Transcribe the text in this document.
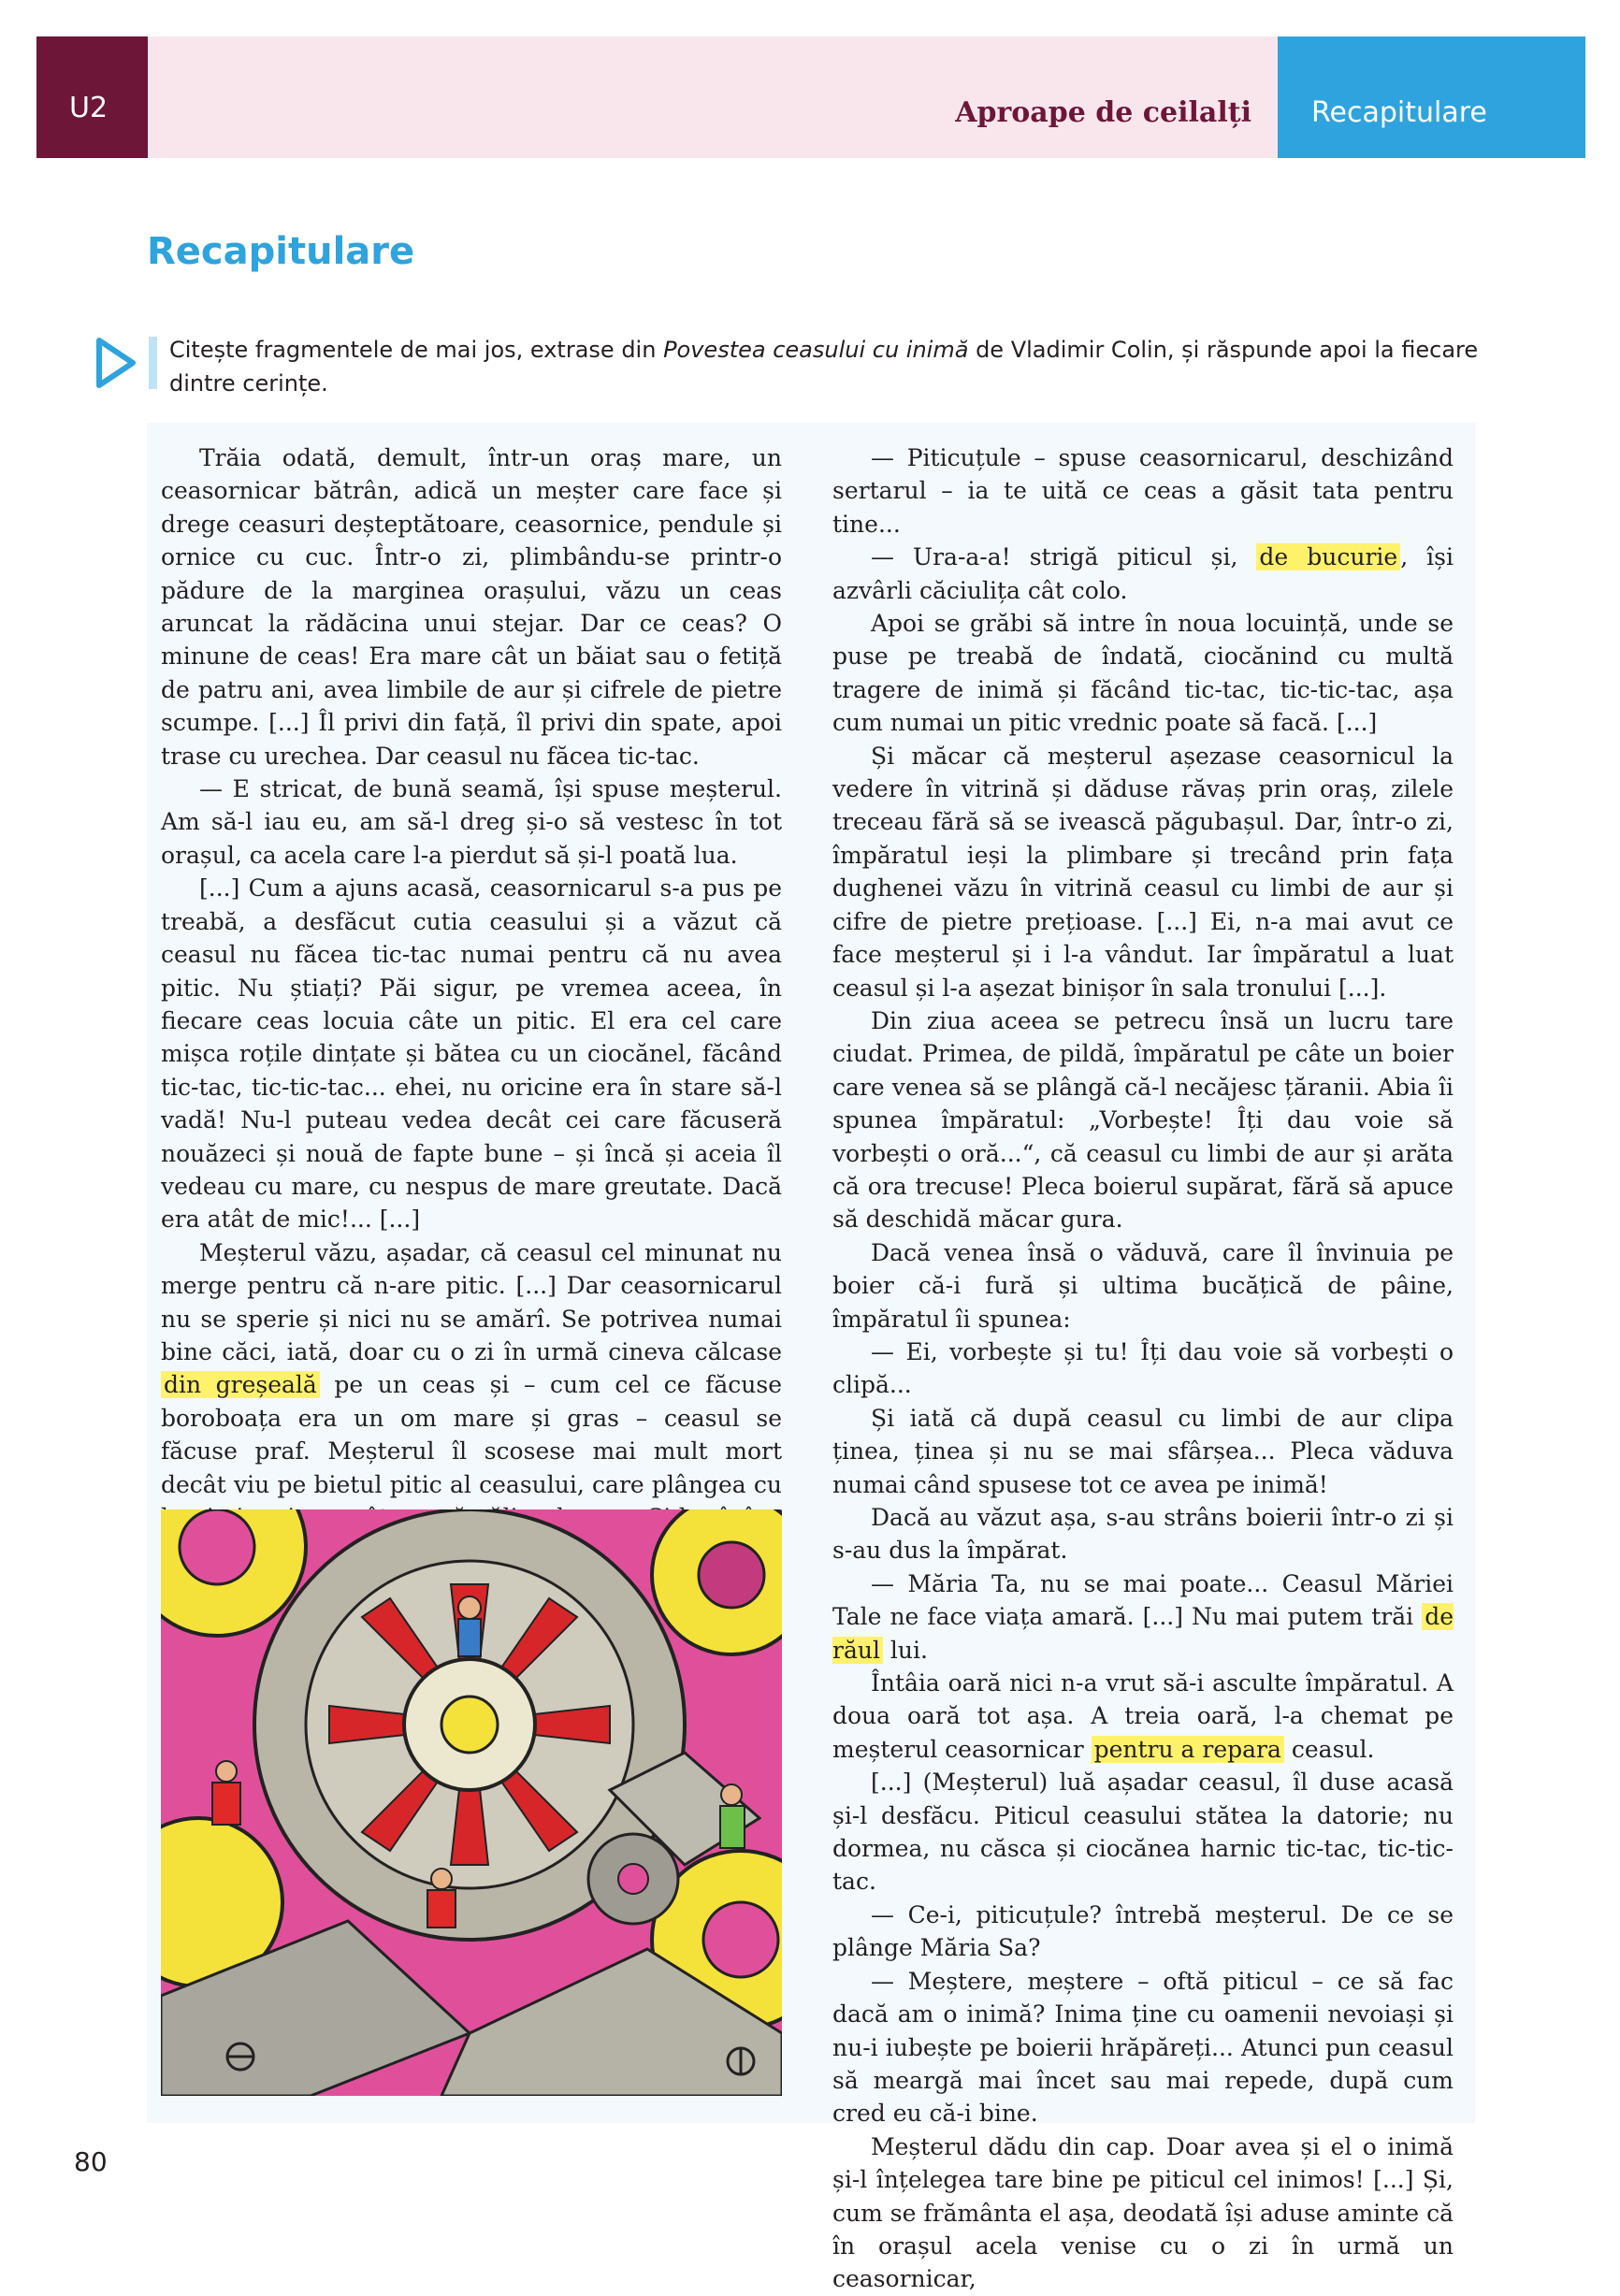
U2	Aproape de ceilalți Recapitulare
Recapitulare
Citește fragmentele de mai jos, extrase din Povestea ceasului cu inimă de Vladimir Colin, și răspunde apoi la fiecare dintre cerințe.

Trăia odată, demult, într-un oraș mare, un ceasornicar bătrân, adică un meșter care face și drege ceasuri deșteptătoare, ceasornice, pendule și ornice cu cuc. Într-o zi, plimbându-se printr-o pădure de la marginea orașului, văzu un ceas aruncat la rădăcina unui stejar. Dar ce ceas? O minune de ceas! Era mare cât un băiat sau o fetiță de patru ani, avea limbile de aur și cifrele de pietre scumpe. [...] Îl privi din față, îl privi din spate, apoi trase cu urechea. Dar ceasul nu făcea tic-tac.

— E stricat, de bună seamă, își spuse meșterul. Am să-l iau eu, am să-l dreg și-o să vestesc în tot orașul, ca acela care l-a pierdut să și-l poată lua.

[...] Cum a ajuns acasă, ceasornicarul s-a pus pe treabă, a desfăcut cutia ceasului și a văzut că ceasul nu făcea tic-tac numai pentru că nu avea pitic. Nu știați? Păi sigur, pe vremea aceea, în fiecare ceas locuia câte un pitic. El era cel care mișca roțile dințate și bătea cu un ciocănel, făcând tic-tac, tic-tic-tac... ehei, nu oricine era în stare să-l vadă! Nu-l puteau vedea decât cei care făcuseră nouăzeci și nouă de fapte bune – și încă și aceia îl vedeau cu mare, cu nespus de mare greutate. Dacă era atât de mic!... [...]

Meșterul văzu, așadar, că ceasul cel minunat nu merge pentru că n-are pitic. [...] Dar ceasornicarul nu se sperie și nici nu se amărî. Se potrivea numai bine căci, iată, doar cu o zi în urmă cineva călcase din greșeală pe un ceas și – cum cel ce făcuse boroboața era un om mare și gras – ceasul se făcuse praf. Meșterul îl scosese mai mult mort decât viu pe bietul pitic al ceasului, care plângea cu

— Piticuțule – spuse ceasornicarul, deschizând sertarul – ia te uită ce ceas a găsit tata pentru tine...

— Ura-a-a! strigă piticul și, de bucurie , își azvârli căciulița cât colo.

Apoi se grăbi să intre în noua locuință, unde se puse pe treabă de îndată, ciocănind cu multă tragere de inimă și făcând tic-tac, tic-tic-tac, așa cum numai un pitic vrednic poate să facă. [...]

Și măcar că meșterul așezase ceasornicul la vedere în vitrină și dăduse răvaș prin oraș, zilele treceau fără să se ivească păgubașul. Dar, într-o zi, împăratul ieși la plimbare și trecând prin fața dughenei văzu în vitrină ceasul cu limbi de aur și cifre de pietre prețioase. [...] Ei, n-a mai avut ce face meșterul și i l-a vândut. Iar împăratul a luat ceasul și l-a așezat binișor în sala tronului [...].

Din ziua aceea se petrecu însă un lucru tare ciudat. Primea, de pildă, împăratul pe câte un boier care venea să se plângă că-l necăjesc țăranii. Abia îi spunea împăratul: „Vorbește! Îți dau voie să vorbești o oră...“, că ceasul cu limbi de aur și arăta că ora trecuse! Pleca boierul supărat, fără să apuce să deschidă măcar gura.

Dacă venea însă o văduvă, care îl învinuia pe boier că-i fură și ultima bucățică de pâine, împăratul îi spunea:

— Ei, vorbește și tu! Îți dau voie să vorbești o clipă...

Și iată că după ceasul cu limbi de aur clipa ținea, ținea și nu se mai sfârșea... Pleca văduva numai când spusese tot ce avea pe inimă!

Dacă au văzut așa, s-au strâns boierii într-o zi și s-au dus la împărat.

— Măria Ta, nu se mai poate... Ceasul Măriei Tale ne face viața amară. [...] Nu mai putem trăi de răul lui.

Întâia oară nici n-a vrut să-i asculte împăratul. A doua oară tot așa. A treia oară, l-a chemat pe meșterul ceasornicar pentru a repara ceasul.

[...] (Meșterul) luă așadar ceasul, îl duse acasă și-l desfăcu. Piticul ceasului stătea la datorie; nu dormea, nu căsca și ciocănea harnic tic-tac, tic-tic-tac.

— Ce-i, piticuțule? întrebă meșterul. De ce se plânge Măria Sa?

— Meștere, meștere – oftă piticul – ce să fac dacă am o inimă? Inima ține cu oamenii nevoiași și nu-i iubește pe boierii hrăpăreți... Atunci pun ceasul să meargă mai încet sau mai repede, după cum cred eu că-i bine.

Meșterul dădu din cap. Doar avea și el o inimă și-l înțelegea tare bine pe piticul cel inimos! [...] Și, cum se frământa el așa, deodată își aduse aminte că în orașul acela venise cu o zi în urmă un ceasornicar,

80
